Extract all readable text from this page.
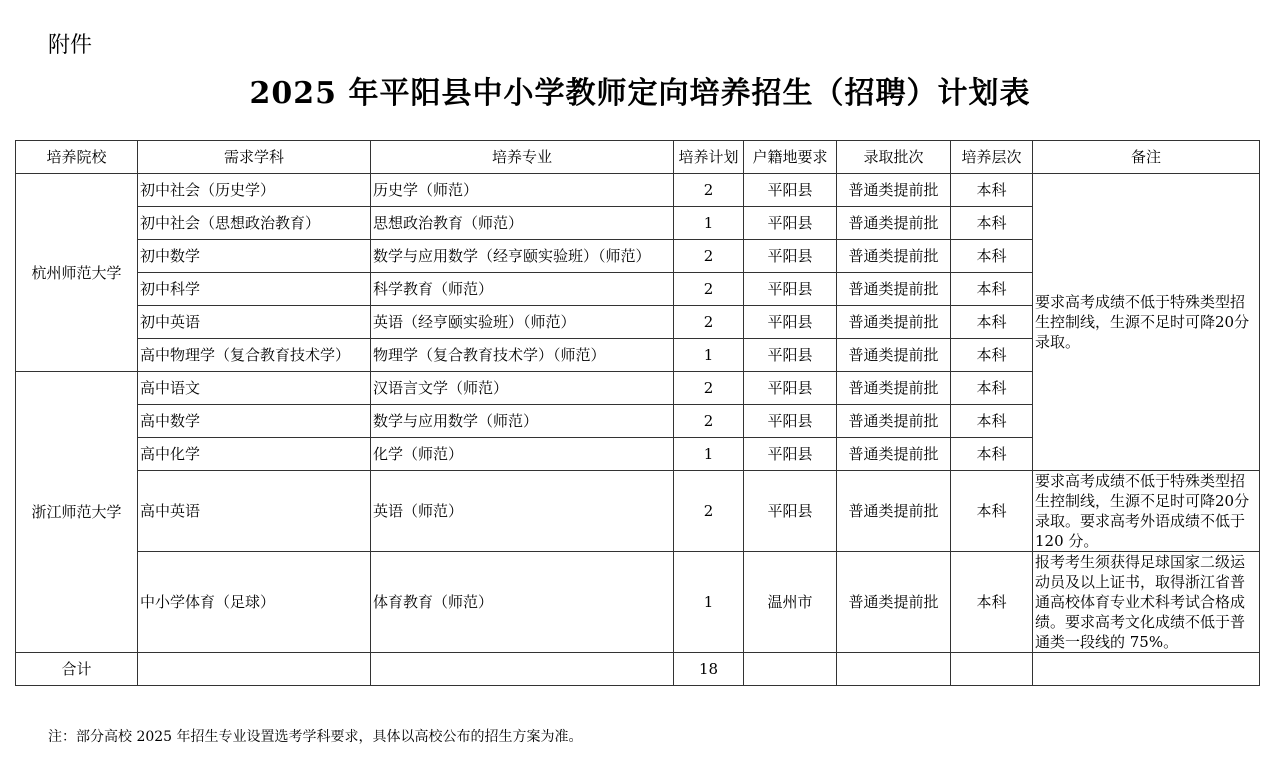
附件
2025 年平阳县中小学教师定向培养招生（招聘）计划表
培养院校	需求学科	培养专业	培养计划	户籍地要求	录取批次	培养层次	备注
杭州师范大学	初中社会（历史学）	历史学（师范）	2	平阳县	普通类提前批	本科	要求高考成绩不低于特殊类型招生控制线，生源不足时可降20分录取。
	初中社会（思想政治教育）	思想政治教育（师范）	1	平阳县	普通类提前批	本科	
	初中数学	数学与应用数学（经亨颐实验班）（师范）	2	平阳县	普通类提前批	本科	
	初中科学	科学教育（师范）	2	平阳县	普通类提前批	本科	
	初中英语	英语（经亨颐实验班）（师范）	2	平阳县	普通类提前批	本科	
	高中物理学（复合教育技术学）	物理学（复合教育技术学）（师范）	1	平阳县	普通类提前批	本科	
浙江师范大学	高中语文	汉语言文学（师范）	2	平阳县	普通类提前批	本科	
	高中数学	数学与应用数学（师范）	2	平阳县	普通类提前批	本科	
	高中化学	化学（师范）	1	平阳县	普通类提前批	本科	
	高中英语	英语（师范）	2	平阳县	普通类提前批	本科	要求高考成绩不低于特殊类型招生控制线，生源不足时可降20分录取。要求高考外语成绩不低于 120 分。
	中小学体育（足球）	体育教育（师范）	1	温州市	普通类提前批	本科	报考考生须获得足球国家二级运动员及以上证书，取得浙江省普通高校体育专业术科考试合格成绩。要求高考文化成绩不低于普通类一段线的 75%。
合计			18				
注：部分高校 2025 年招生专业设置选考学科要求，具体以高校公布的招生方案为准。
